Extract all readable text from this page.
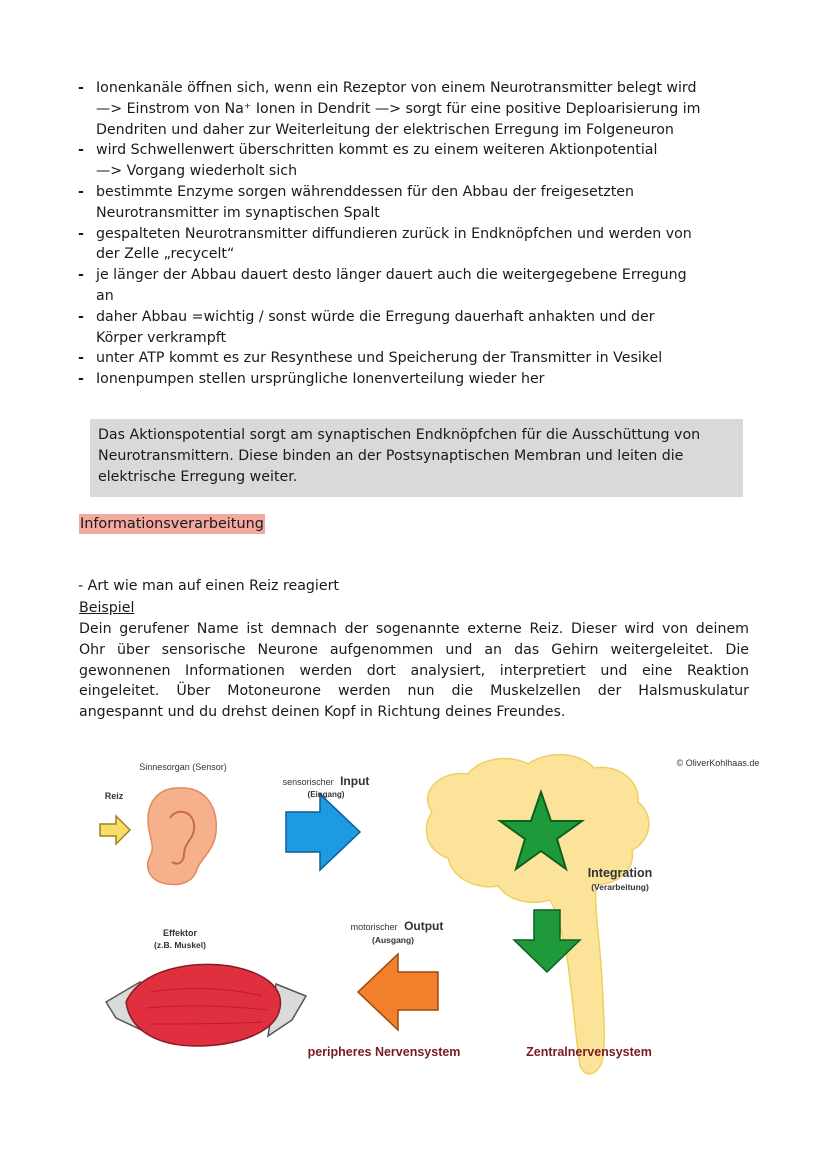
- Ionenkanäle öffnen sich, wenn ein Rezeptor von einem Neurotransmitter belegt wird
—> Einstrom von Na⁺ Ionen in Dendrit —> sorgt für eine positive Deploarisierung im
Dendriten und daher zur Weiterleitung der elektrischen Erregung im Folgeneuron
- wird Schwellenwert überschritten kommt es zu einem weiteren Aktionpotential
—> Vorgang wiederholt sich
- bestimmte Enzyme sorgen währenddessen für den Abbau der freigesetzten
Neurotransmitter im synaptischen Spalt
- gespalteten Neurotransmitter diffundieren zurück in Endknöpfchen und werden von
der Zelle „recycelt“
- je länger der Abbau dauert desto länger dauert auch die weitergegebene Erregung
an
- daher Abbau =wichtig / sonst würde die Erregung dauerhaft anhakten und der
Körper verkrampft
- unter ATP kommt es zur Resynthese und Speicherung der Transmitter in Vesikel
- Ionenpumpen stellen ursprüngliche Ionenverteilung wieder her
Das Aktionspotential sorgt am synaptischen Endknöpfchen für die Ausschüttung von
Neurotransmittern. Diese binden an der Postsynaptischen Membran und leiten die
elektrische Erregung weiter.
Informationsverarbeitung
- Art wie man auf einen Reiz reagiert
Beispiel
Dein gerufener Name ist demnach der sogenannte externe Reiz. Dieser wird von deinem
Ohr über sensorische Neurone aufgenommen und an das Gehirn weitergeleitet. Die
gewonnenen Informationen werden dort analysiert, interpretiert und eine Reaktion
eingeleitet. Über Motoneurone werden nun die Muskelzellen der Halsmuskulatur
angespannt und du drehst deinen Kopf in Richtung deines Freundes.
© OliverKohlhaas.de
Sinnesorgan (Sensor)
Reiz
sensorischer Input
(Eingang)
Integration
(Verarbeitung)
Effektor
(z.B. Muskel)
motorischer Output
(Ausgang)
peripheres Nervensystem	Zentralnervensystem
